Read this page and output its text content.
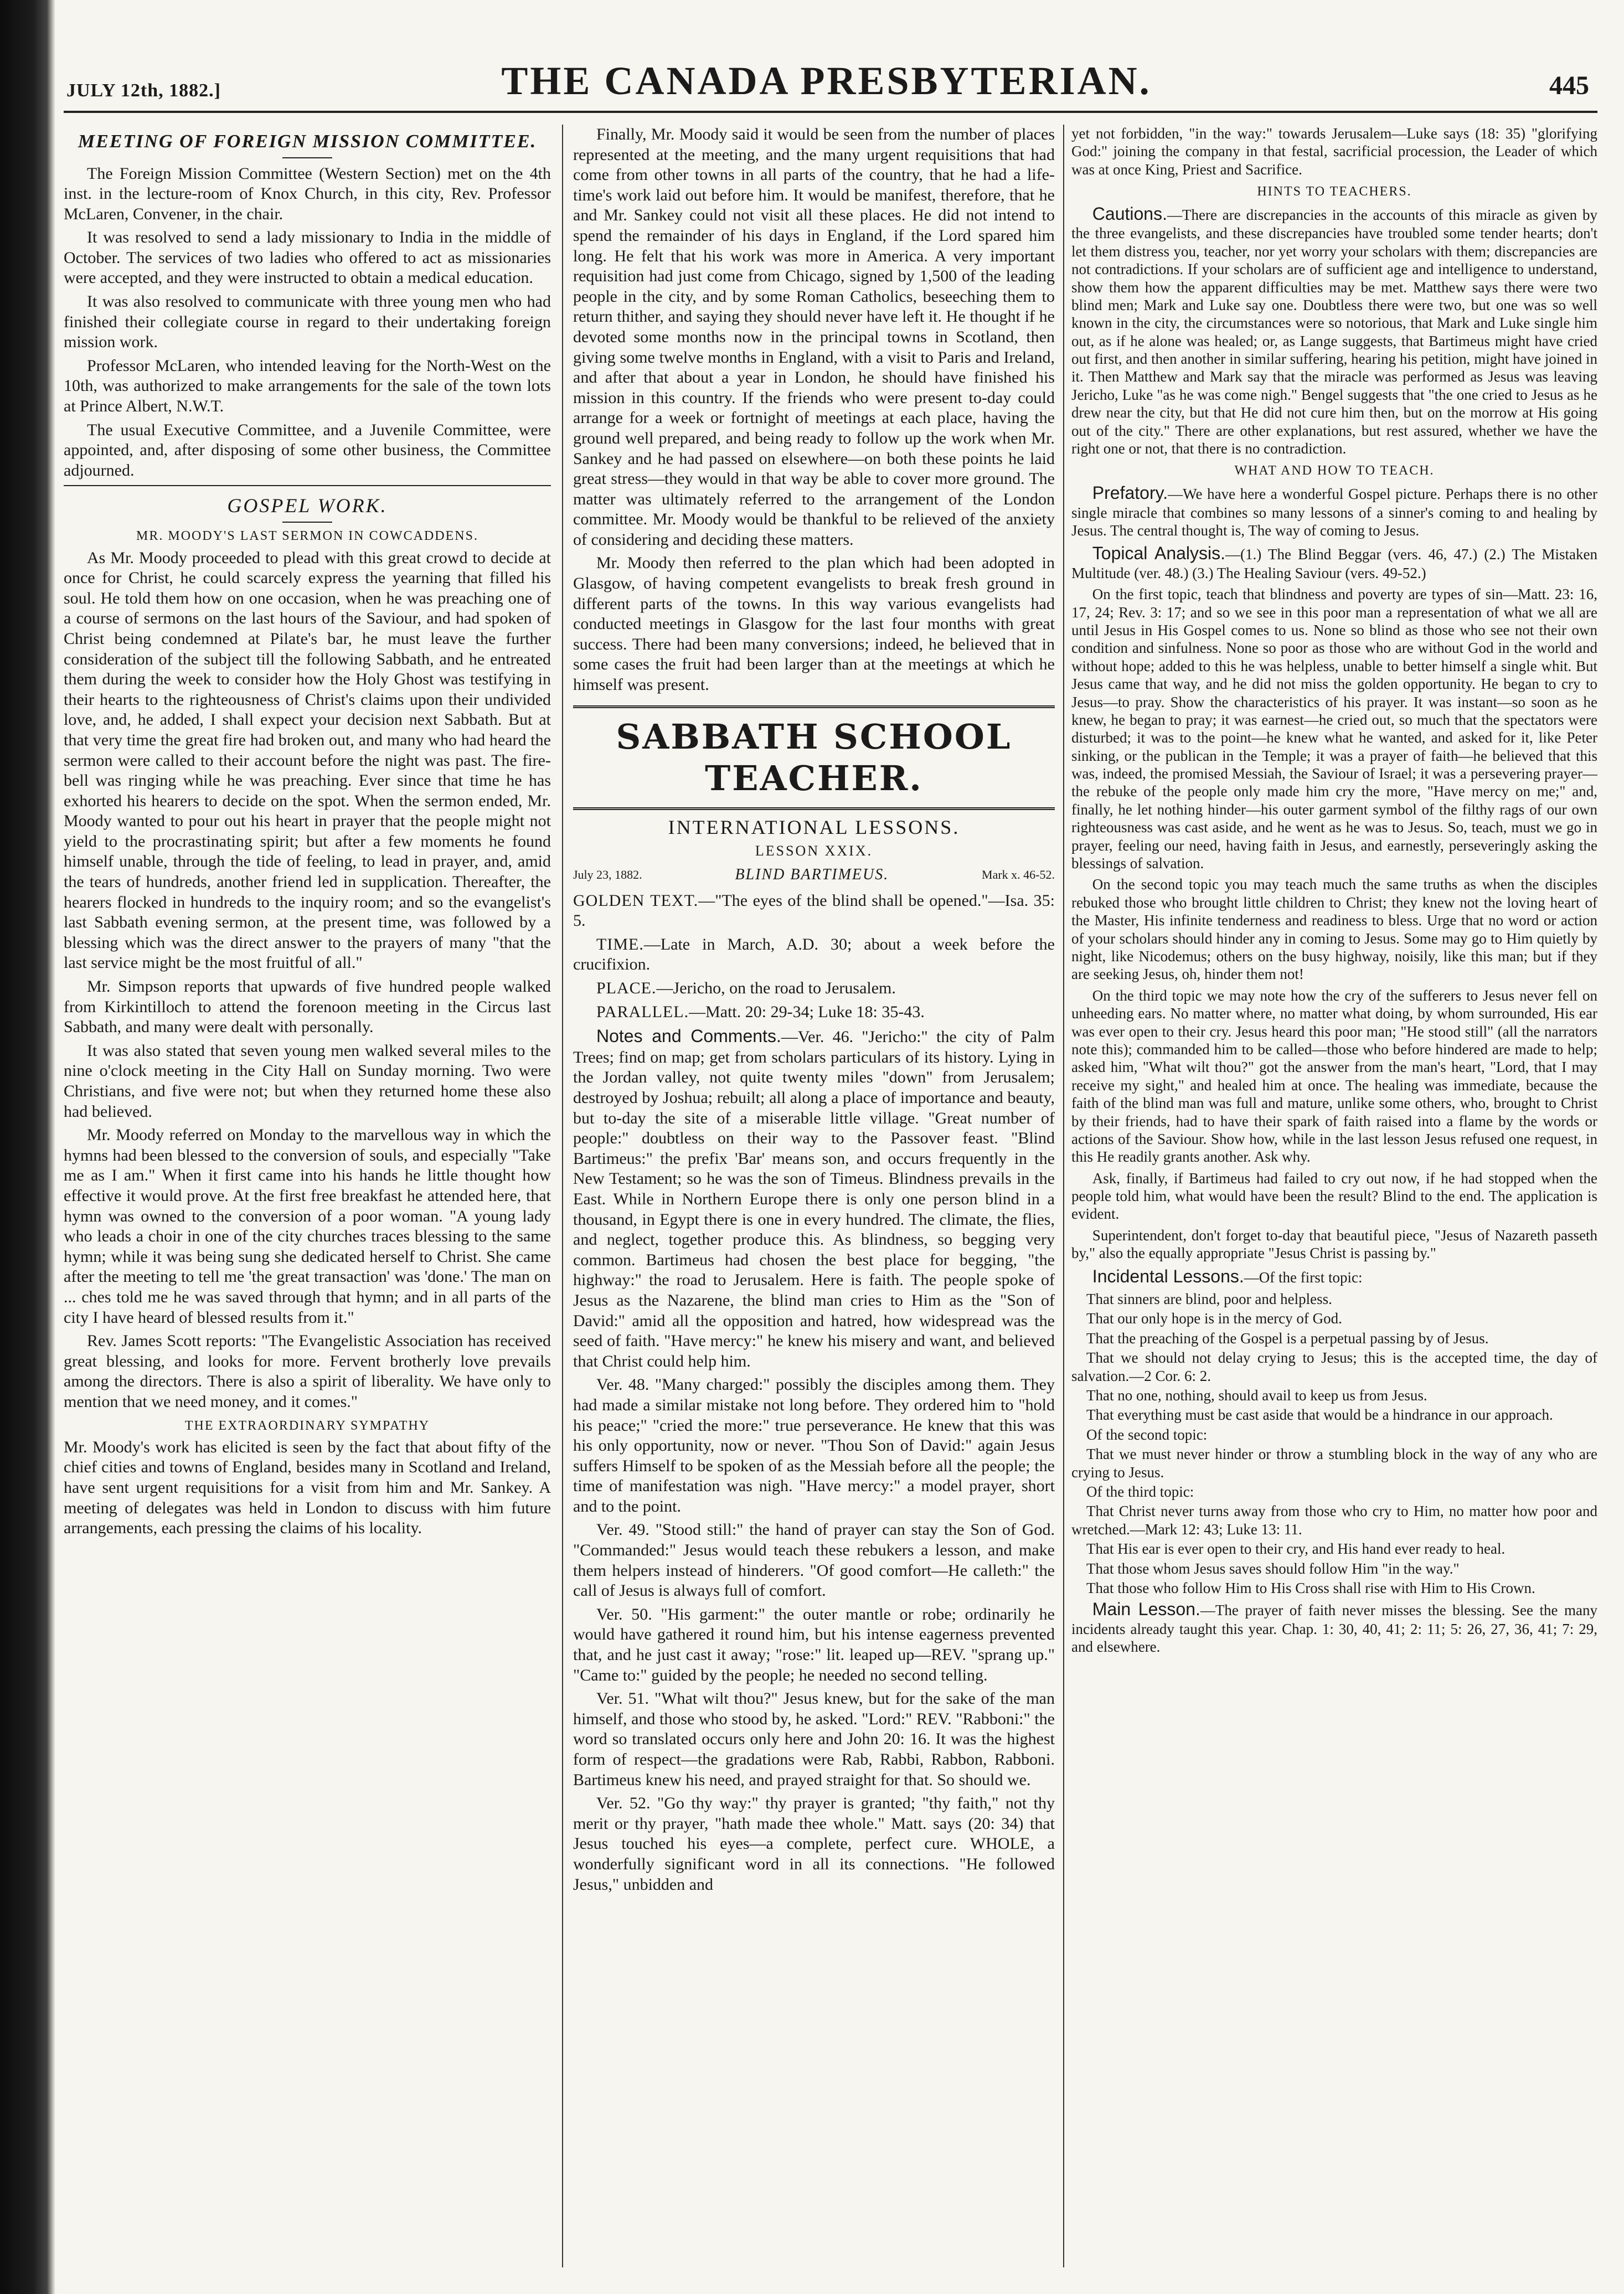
JULY 12th, 1882.]	THE CANADA PRESBYTERIAN.	445
MEETING OF FOREIGN MISSION COMMITTEE.

The Foreign Mission Committee (Western Section) met on the 4th inst. in the lecture-room of Knox Church, in this city, Rev. Professor McLaren, Convener, in the chair.

It was resolved to send a lady missionary to India in the middle of October. The services of two ladies who offered to act as missionaries were accepted, and they were instructed to obtain a medical education.

It was also resolved to communicate with three young men who had finished their collegiate course in regard to their undertaking foreign mission work.

Professor McLaren, who intended leaving for the North-West on the 10th, was authorized to make arrangements for the sale of the town lots at Prince Albert, N.W.T.

The usual Executive Committee, and a Juvenile Committee, were appointed, and, after disposing of some other business, the Committee adjourned.

GOSPEL WORK.
MR. MOODY'S LAST SERMON IN COWCADDENS.

As Mr. Moody proceeded to plead with this great crowd to decide at once for Christ, he could scarcely express the yearning that filled his soul. He told them how on one occasion, when he was preaching one of a course of sermons on the last hours of the Saviour, and had spoken of Christ being condemned at Pilate's bar, he must leave the further consideration of the subject till the following Sabbath, and he entreated them during the week to consider how the Holy Ghost was testifying in their hearts to the righteousness of Christ's claims upon their undivided love, and, he added, I shall expect your decision next Sabbath. But at that very time the great fire had broken out, and many who had heard the sermon were called to their account before the night was past. The fire-bell was ringing while he was preaching. Ever since that time he has exhorted his hearers to decide on the spot. When the sermon ended, Mr. Moody wanted to pour out his heart in prayer that the people might not yield to the procrastinating spirit; but after a few moments he found himself unable, through the tide of feeling, to lead in prayer, and, amid the tears of hundreds, another friend led in supplication. Thereafter, the hearers flocked in hundreds to the inquiry room; and so the evangelist's last Sabbath evening sermon, at the present time, was followed by a blessing which was the direct answer to the prayers of many "that the last service might be the most fruitful of all."

Mr. Simpson reports that upwards of five hundred people walked from Kirkintilloch to attend the forenoon meeting in the Circus last Sabbath, and many were dealt with personally.

It was also stated that seven young men walked several miles to the nine o'clock meeting in the City Hall on Sunday morning. Two were Christians, and five were not; but when they returned home these also had believed.

Mr. Moody referred on Monday to the marvellous way in which the hymns had been blessed to the conversion of souls, and especially "Take me as I am." When it first came into his hands he little thought how effective it would prove. At the first free breakfast he attended here, that hymn was owned to the conversion of a poor woman. "A young lady who leads a choir in one of the city churches traces blessing to the same hymn; while it was being sung she dedicated herself to Christ. She came after the meeting to tell me 'the great transaction' was 'done.' The man on ... ches told me he was saved through that hymn; and in all parts of the city I have heard of blessed results from it."

Rev. James Scott reports: "The Evangelistic Association has received great blessing, and looks for more. Fervent brotherly love prevails among the directors. There is also a spirit of liberality. We have only to mention that we need money, and it comes."

THE EXTRAORDINARY SYMPATHY

Mr. Moody's work has elicited is seen by the fact that about fifty of the chief cities and towns of England, besides many in Scotland and Ireland, have sent urgent requisitions for a visit from him and Mr. Sankey. A meeting of delegates was held in London to discuss with him future arrangements, each pressing the claims of his locality.

Finally, Mr. Moody said it would be seen from the number of places represented at the meeting, and the many urgent requisitions that had come from other towns in all parts of the country, that he had a life-time's work laid out before him. It would be manifest, therefore, that he and Mr. Sankey could not visit all these places. He did not intend to spend the remainder of his days in England, if the Lord spared him long. He felt that his work was more in America. A very important requisition had just come from Chicago, signed by 1,500 of the leading people in the city, and by some Roman Catholics, beseeching them to return thither, and saying they should never have left it. He thought if he devoted some months now in the principal towns in Scotland, then giving some twelve months in England, with a visit to Paris and Ireland, and after that about a year in London, he should have finished his mission in this country. If the friends who were present to-day could arrange for a week or fortnight of meetings at each place, having the ground well prepared, and being ready to follow up the work when Mr. Sankey and he had passed on elsewhere—on both these points he laid great stress—they would in that way be able to cover more ground. The matter was ultimately referred to the arrangement of the London committee. Mr. Moody would be thankful to be relieved of the anxiety of considering and deciding these matters.

Mr. Moody then referred to the plan which had been adopted in Glasgow, of having competent evangelists to break fresh ground in different parts of the towns. In this way various evangelists had conducted meetings in Glasgow for the last four months with great success. There had been many conversions; indeed, he believed that in some cases the fruit had been larger than at the meetings at which he himself was present.

SABBATH SCHOOL TEACHER.
INTERNATIONAL LESSONS.
LESSON XXIX.
July 23, 1882.	BLIND BARTIMEUS.	Mark x. 46-52.

GOLDEN TEXT.—"The eyes of the blind shall be opened."—Isa. 35: 5.

TIME.—Late in March, A.D. 30; about a week before the crucifixion.

PLACE.—Jericho, on the road to Jerusalem.

PARALLEL.—Matt. 20: 29-34; Luke 18: 35-43.

Notes and Comments.—Ver. 46. "Jericho:" the city of Palm Trees; find on map; get from scholars particulars of its history. Lying in the Jordan valley, not quite twenty miles "down" from Jerusalem; destroyed by Joshua; rebuilt; all along a place of importance and beauty, but to-day the site of a miserable little village. "Great number of people:" doubtless on their way to the Passover feast. "Blind Bartimeus:" the prefix 'Bar' means son, and occurs frequently in the New Testament; so he was the son of Timeus. Blindness prevails in the East. While in Northern Europe there is only one person blind in a thousand, in Egypt there is one in every hundred. The climate, the flies, and neglect, together produce this. As blindness, so begging very common. Bartimeus had chosen the best place for begging, "the highway:" the road to Jerusalem. Here is faith. The people spoke of Jesus as the Nazarene, the blind man cries to Him as the "Son of David:" amid all the opposition and hatred, how widespread was the seed of faith. "Have mercy:" he knew his misery and want, and believed that Christ could help him.

Ver. 48. "Many charged:" possibly the disciples among them. They had made a similar mistake not long before. They ordered him to "hold his peace;" "cried the more:" true perseverance. He knew that this was his only opportunity, now or never. "Thou Son of David:" again Jesus suffers Himself to be spoken of as the Messiah before all the people; the time of manifestation was nigh. "Have mercy:" a model prayer, short and to the point.

Ver. 49. "Stood still:" the hand of prayer can stay the Son of God. "Commanded:" Jesus would teach these rebukers a lesson, and make them helpers instead of hinderers. "Of good comfort—He calleth:" the call of Jesus is always full of comfort.

Ver. 50. "His garment:" the outer mantle or robe; ordinarily he would have gathered it round him, but his intense eagerness prevented that, and he just cast it away; "rose:" lit. leaped up—REV. "sprang up." "Came to:" guided by the people; he needed no second telling.

Ver. 51. "What wilt thou?" Jesus knew, but for the sake of the man himself, and those who stood by, he asked. "Lord:" REV. "Rabboni:" the word so translated occurs only here and John 20: 16. It was the highest form of respect—the gradations were Rab, Rabbi, Rabbon, Rabboni. Bartimeus knew his need, and prayed straight for that. So should we.

Ver. 52. "Go thy way:" thy prayer is granted; "thy faith," not thy merit or thy prayer, "hath made thee whole." Matt. says (20: 34) that Jesus touched his eyes—a complete, perfect cure. WHOLE, a wonderfully significant word in all its connections. "He followed Jesus," unbidden and

yet not forbidden, "in the way:" towards Jerusalem—Luke says (18: 35) "glorifying God:" joining the company in that festal, sacrificial procession, the Leader of which was at once King, Priest and Sacrifice.

HINTS TO TEACHERS.

Cautions.—There are discrepancies in the accounts of this miracle as given by the three evangelists, and these discrepancies have troubled some tender hearts; don't let them distress you, teacher, nor yet worry your scholars with them; discrepancies are not contradictions. If your scholars are of sufficient age and intelligence to understand, show them how the apparent difficulties may be met. Matthew says there were two blind men; Mark and Luke say one. Doubtless there were two, but one was so well known in the city, the circumstances were so notorious, that Mark and Luke single him out, as if he alone was healed; or, as Lange suggests, that Bartimeus might have cried out first, and then another in similar suffering, hearing his petition, might have joined in it. Then Matthew and Mark say that the miracle was performed as Jesus was leaving Jericho, Luke "as he was come nigh." Bengel suggests that "the one cried to Jesus as he drew near the city, but that He did not cure him then, but on the morrow at His going out of the city." There are other explanations, but rest assured, whether we have the right one or not, that there is no contradiction.

WHAT AND HOW TO TEACH.

Prefatory.—We have here a wonderful Gospel picture. Perhaps there is no other single miracle that combines so many lessons of a sinner's coming to and healing by Jesus. The central thought is, The way of coming to Jesus.

Topical Analysis.—(1.) The Blind Beggar (vers. 46, 47.) (2.) The Mistaken Multitude (ver. 48.) (3.) The Healing Saviour (vers. 49-52.)

On the first topic, teach that blindness and poverty are types of sin—Matt. 23: 16, 17, 24; Rev. 3: 17; and so we see in this poor man a representation of what we all are until Jesus in His Gospel comes to us. None so blind as those who see not their own condition and sinfulness. None so poor as those who are without God in the world and without hope; added to this he was helpless, unable to better himself a single whit. But Jesus came that way, and he did not miss the golden opportunity. He began to cry to Jesus—to pray. Show the characteristics of his prayer. It was instant—so soon as he knew, he began to pray; it was earnest—he cried out, so much that the spectators were disturbed; it was to the point—he knew what he wanted, and asked for it, like Peter sinking, or the publican in the Temple; it was a prayer of faith—he believed that this was, indeed, the promised Messiah, the Saviour of Israel; it was a persevering prayer—the rebuke of the people only made him cry the more, "Have mercy on me;" and, finally, he let nothing hinder—his outer garment symbol of the filthy rags of our own righteousness was cast aside, and he went as he was to Jesus. So, teach, must we go in prayer, feeling our need, having faith in Jesus, and earnestly, perseveringly asking the blessings of salvation.

On the second topic you may teach much the same truths as when the disciples rebuked those who brought little children to Christ; they knew not the loving heart of the Master, His infinite tenderness and readiness to bless. Urge that no word or action of your scholars should hinder any in coming to Jesus. Some may go to Him quietly by night, like Nicodemus; others on the busy highway, noisily, like this man; but if they are seeking Jesus, oh, hinder them not!

On the third topic we may note how the cry of the sufferers to Jesus never fell on unheeding ears. No matter where, no matter what doing, by whom surrounded, His ear was ever open to their cry. Jesus heard this poor man; "He stood still" (all the narrators note this); commanded him to be called—those who before hindered are made to help; asked him, "What wilt thou?" got the answer from the man's heart, "Lord, that I may receive my sight," and healed him at once. The healing was immediate, because the faith of the blind man was full and mature, unlike some others, who, brought to Christ by their friends, had to have their spark of faith raised into a flame by the words or actions of the Saviour. Show how, while in the last lesson Jesus refused one request, in this He readily grants another. Ask why.

Ask, finally, if Bartimeus had failed to cry out now, if he had stopped when the people told him, what would have been the result? Blind to the end. The application is evident.

Superintendent, don't forget to-day that beautiful piece, "Jesus of Nazareth passeth by," also the equally appropriate "Jesus Christ is passing by."

Incidental Lessons.—Of the first topic:

That sinners are blind, poor and helpless.

That our only hope is in the mercy of God.

That the preaching of the Gospel is a perpetual passing by of Jesus.

That we should not delay crying to Jesus; this is the accepted time, the day of salvation.—2 Cor. 6: 2.

That no one, nothing, should avail to keep us from Jesus.

That everything must be cast aside that would be a hindrance in our approach.

Of the second topic:

That we must never hinder or throw a stumbling block in the way of any who are crying to Jesus.

Of the third topic:

That Christ never turns away from those who cry to Him, no matter how poor and wretched.—Mark 12: 43; Luke 13: 11.

That His ear is ever open to their cry, and His hand ever ready to heal.

That those whom Jesus saves should follow Him "in the way."

That those who follow Him to His Cross shall rise with Him to His Crown.

Main Lesson.—The prayer of faith never misses the blessing. See the many incidents already taught this year. Chap. 1: 30, 40, 41; 2: 11; 5: 26, 27, 36, 41; 7: 29, and elsewhere.
